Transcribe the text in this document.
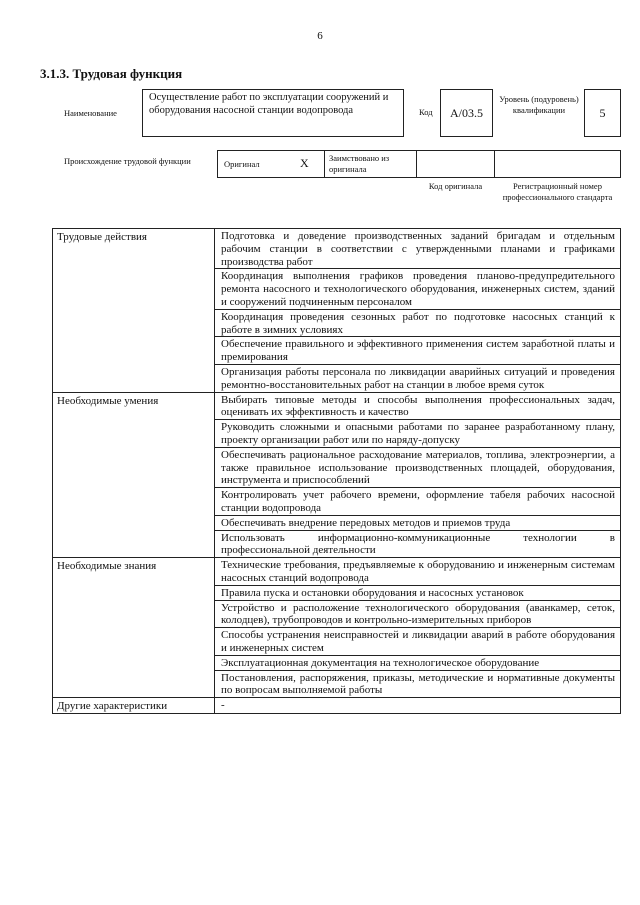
6
3.1.3. Трудовая функция
Наименование
Осуществление работ по эксплуатации сооружений и оборудования насосной станции водопровода	Код	A/03.5
Уровень (подуровень) квалификации	5
Происхождение трудовой функции	Оригинал	X Заимствовано из оригинала
Код оригинала	Регистрационный номер профессионального стандарта
Трудовые действия	Подготовка и доведение производственных заданий бригадам и отдельным рабочим станции в соответствии с утвержденными планами и графиками производства работ
	Координация выполнения графиков проведения планово-предупредительного ремонта насосного и технологического оборудования, инженерных систем, зданий и сооружений подчиненным персоналом
	Координация проведения сезонных работ по подготовке насосных станций к работе в зимних условиях
	Обеспечение правильного и эффективного применения систем заработной платы и премирования
	Организация работы персонала по ликвидации аварийных ситуаций и проведения ремонтно-восстановительных работ на станции в любое время суток

Необходимые умения	Выбирать типовые методы и способы выполнения профессиональных задач, оценивать их эффективность и качество
	Руководить сложными и опасными работами по заранее разработанному плану, проекту организации работ или по наряду-допуску
	Обеспечивать рациональное расходование материалов, топлива, электроэнергии, а также правильное использование производственных площадей, оборудования, инструмента и приспособлений
	Контролировать учет рабочего времени, оформление табеля рабочих насосной станции водопровода
	Обеспечивать внедрение передовых методов и приемов труда
	Использовать информационно-коммуникационные технологии в профессиональной деятельности

Необходимые знания	Технические требования, предъявляемые к оборудованию и инженерным системам насосных станций водопровода
	Правила пуска и остановки оборудования и насосных установок
	Устройство и расположение технологического оборудования (аванкамер, сеток, колодцев), трубопроводов и контрольно-измерительных приборов
	Способы устранения неисправностей и ликвидации аварий в работе оборудования и инженерных систем
	Эксплуатационная документация на технологическое оборудование
	Постановления, распоряжения, приказы, методические и нормативные документы по вопросам выполняемой работы

Другие характеристики	-
